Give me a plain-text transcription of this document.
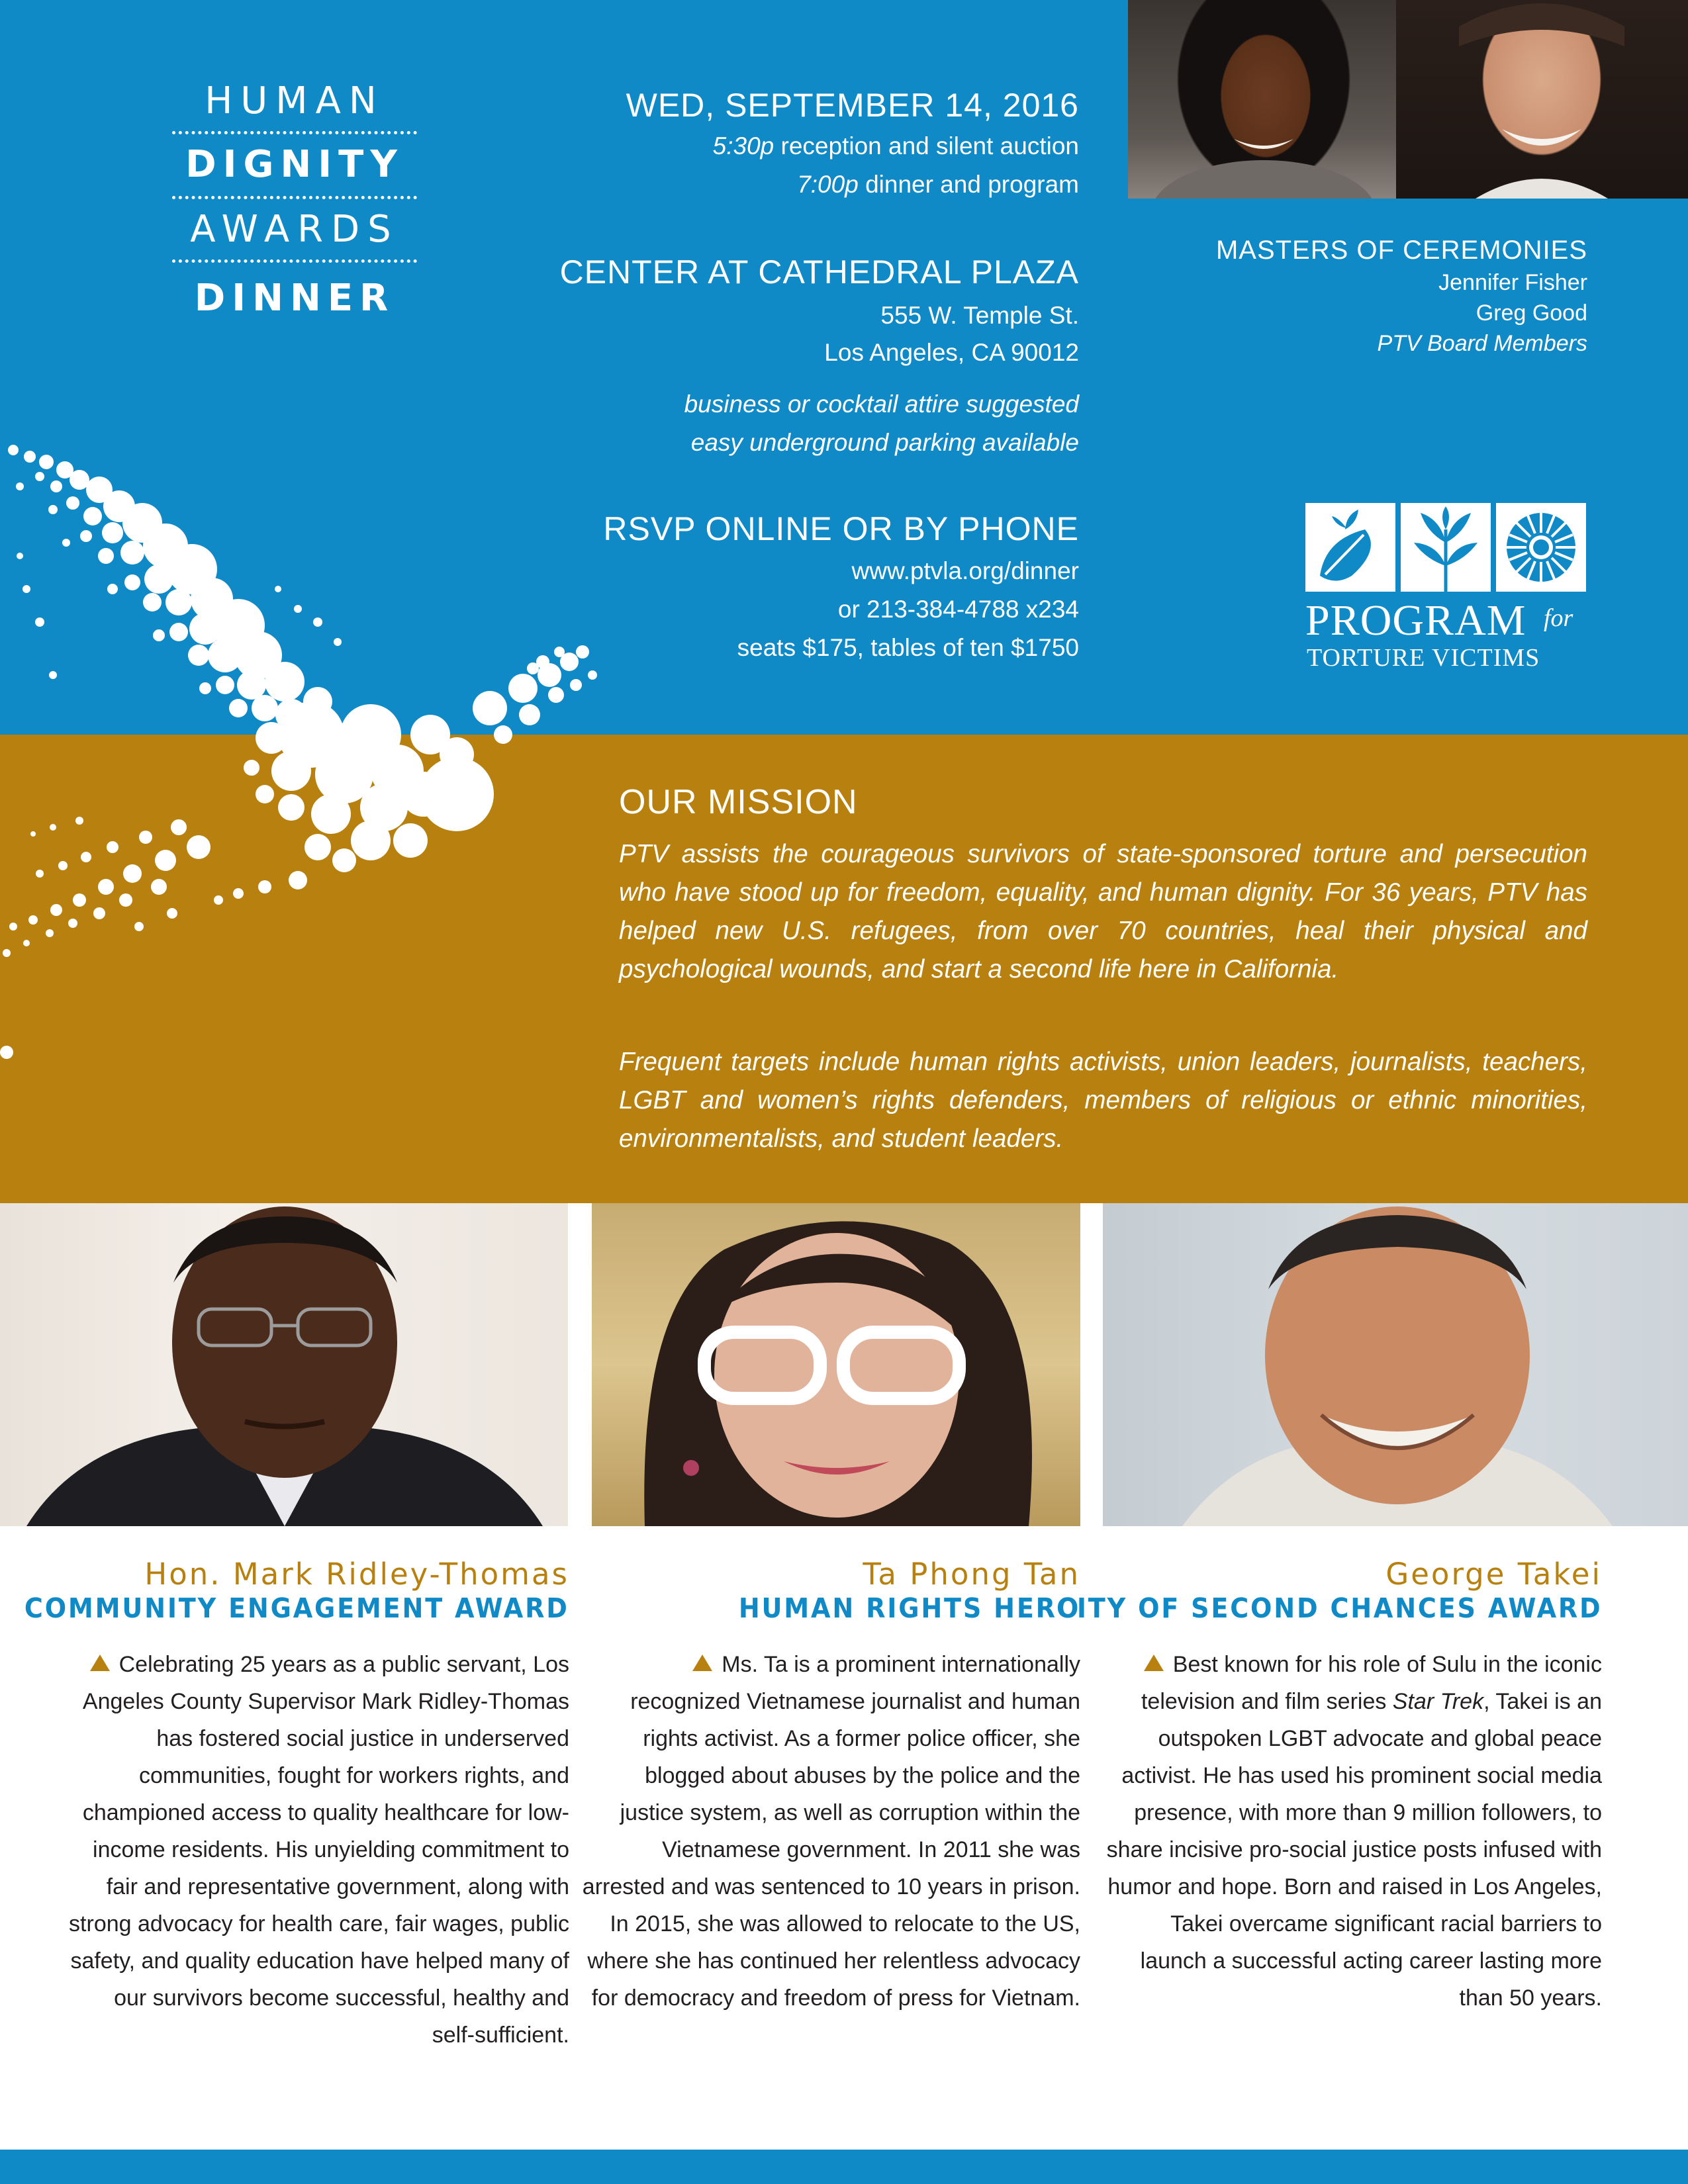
HUMAN
DIGNITY
AWARDS
DINNER
WED, SEPTEMBER 14, 2016
5:30p reception and silent auction
7:00p dinner and program
CENTER AT CATHEDRAL PLAZA
555 W. Temple St.
Los Angeles, CA 90012
business or cocktail attire suggested
easy underground parking available
RSVP ONLINE OR BY PHONE
www.ptvla.org/dinner
or 213-384-4788 x234
seats $175, tables of ten $1750
MASTERS OF CEREMONIES
Jennifer Fisher
Greg Good
PTV Board Members
PROGRAM for
TORTURE VICTIMS
OUR MISSION

PTV assists the courageous survivors of state-sponsored torture and persecution who have stood up for freedom, equality, and human dignity. For 36 years, PTV has helped new U.S. refugees, from over 70 countries, heal their physical and psychological wounds, and start a second life here in California.

Frequent targets include human rights activists, union leaders, journalists, teachers, LGBT and women’s rights defenders, members of religious or ethnic minorities, environmentalists, and student leaders.

Hon. Mark Ridley-Thomas
COMMUNITY ENGAGEMENT AWARD

Celebrating 25 years as a public servant, Los Angeles County Supervisor Mark Ridley-Thomas has fostered social justice in underserved communities, fought for workers rights, and championed access to quality healthcare for low-income residents. His unyielding commitment to fair and representative government, along with strong advocacy for health care, fair wages, public safety, and quality education have helped many of our survivors become successful, healthy and self-sufficient.

Ta Phong Tan
HUMAN RIGHTS HERO

Ms. Ta is a prominent internationally recognized Vietnamese journalist and human rights activist. As a former police officer, she blogged about abuses by the police and the justice system, as well as corruption within the Vietnamese government. In 2011 she was arrested and was sentenced to 10 years in prison. In 2015, she was allowed to relocate to the US, where she has continued her relentless advocacy for democracy and freedom of press for Vietnam.

George Takei
CITY OF SECOND CHANCES AWARD

Best known for his role of Sulu in the iconic television and film series Star Trek, Takei is an outspoken LGBT advocate and global peace activist. He has used his prominent social media presence, with more than 9 million followers, to share incisive pro-social justice posts infused with humor and hope. Born and raised in Los Angeles, Takei overcame significant racial barriers to launch a successful acting career lasting more than 50 years.
